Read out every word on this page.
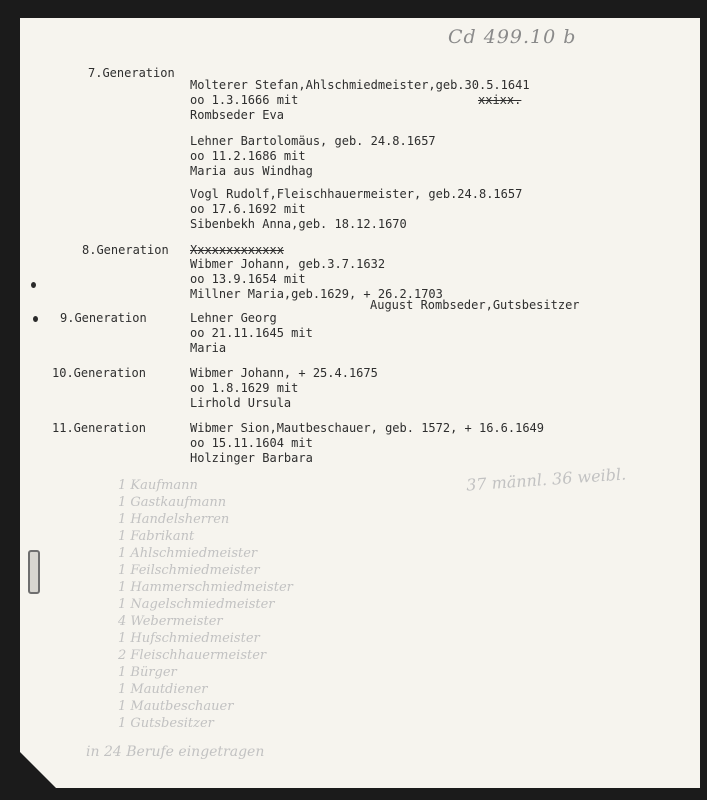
Cd 499.10 b
7.Generation
Molterer Stefan,Ahlschmiedmeister,geb.30.5.1641
oo 1.3.1666 mit
Rombseder Eva
xxixx.
Lehner Bartolomäus, geb. 24.8.1657
oo 11.2.1686 mit
Maria aus Windhag
Vogl Rudolf,Fleischhauermeister, geb.24.8.1657
oo 17.6.1692 mit
Sibenbekh Anna,geb. 18.12.1670
8.Generation Xxxxxxxxxxxxx
Wibmer Johann, geb.3.7.1632
oo 13.9.1654 mit
Millner Maria,geb.1629, + 26.2.1703
August Rombseder,Gutsbesitzer
9.Generation	Lehner Georg
oo 21.11.1645 mit
Maria
10.Generation	Wibmer Johann, + 25.4.1675
oo 1.8.1629 mit
Lirhold Ursula
11.Generation	Wibmer Sion,Mautbeschauer, geb. 1572, + 16.6.1649
oo 15.11.1604 mit
Holzinger Barbara
37 männl. 36 weibl.
1 Kaufmann
1 Gastkaufmann
1 Handelsherren
1 Fabrikant
1 Ahlschmiedmeister
1 Feilschmiedmeister
1 Hammerschmiedmeister
1 Nagelschmiedmeister
4 Webermeister
1 Hufschmiedmeister
2 Fleischhauermeister
1 Bürger
1 Mautdiener
1 Mautbeschauer
1 Gutsbesitzer
in 24 Berufe eingetragen
